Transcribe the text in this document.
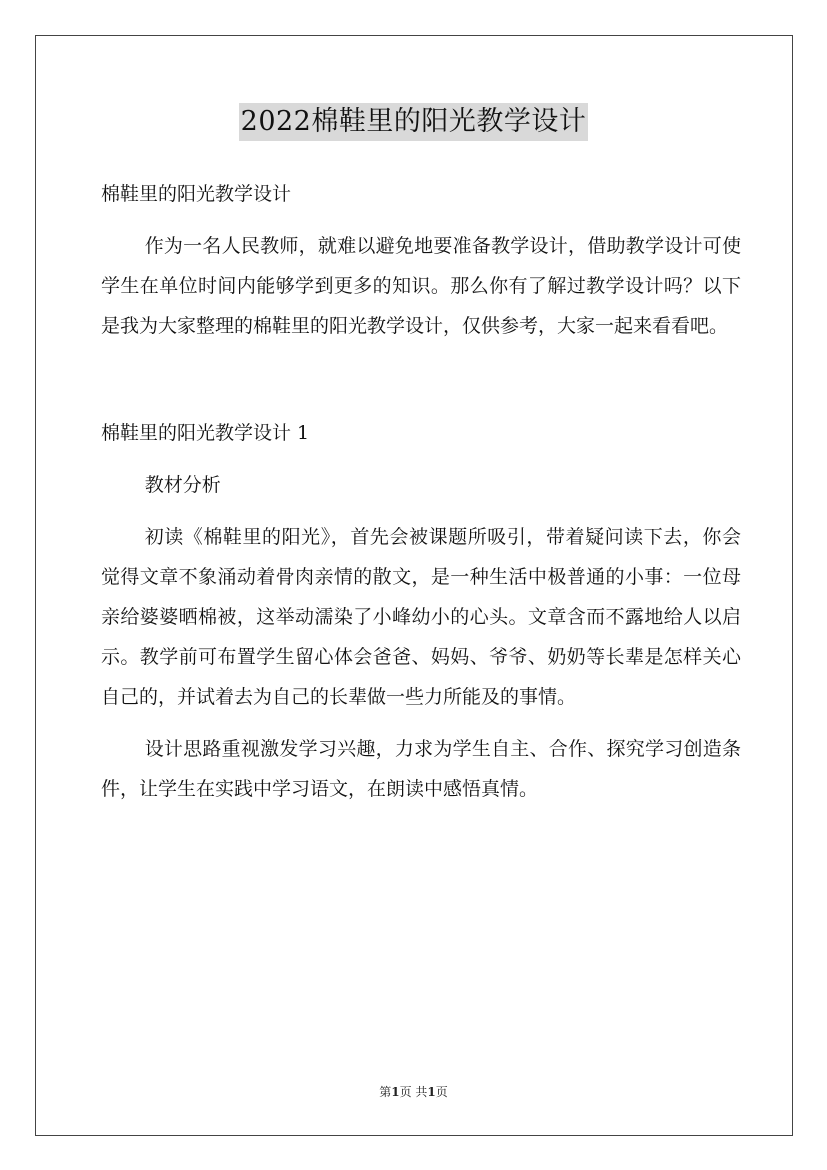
2022棉鞋里的阳光教学设计

棉鞋里的阳光教学设计

作为一名人民教师，就难以避免地要准备教学设计，借助教学设计可使学生在单位时间内能够学到更多的知识。那么你有了解过教学设计吗？以下是我为大家整理的棉鞋里的阳光教学设计，仅供参考，大家一起来看看吧。

棉鞋里的阳光教学设计 1

教材分析

初读《棉鞋里的阳光》，首先会被课题所吸引，带着疑问读下去，你会觉得文章不象涌动着骨肉亲情的散文，是一种生活中极普通的小事：一位母亲给婆婆晒棉被，这举动濡染了小峰幼小的心头。文章含而不露地给人以启示。教学前可布置学生留心体会爸爸、妈妈、爷爷、奶奶等长辈是怎样关心自己的，并试着去为自己的长辈做一些力所能及的事情。

设计思路重视激发学习兴趣，力求为学生自主、合作、探究学习创造条件，让学生在实践中学习语文，在朗读中感悟真情。

第1页 共1页
